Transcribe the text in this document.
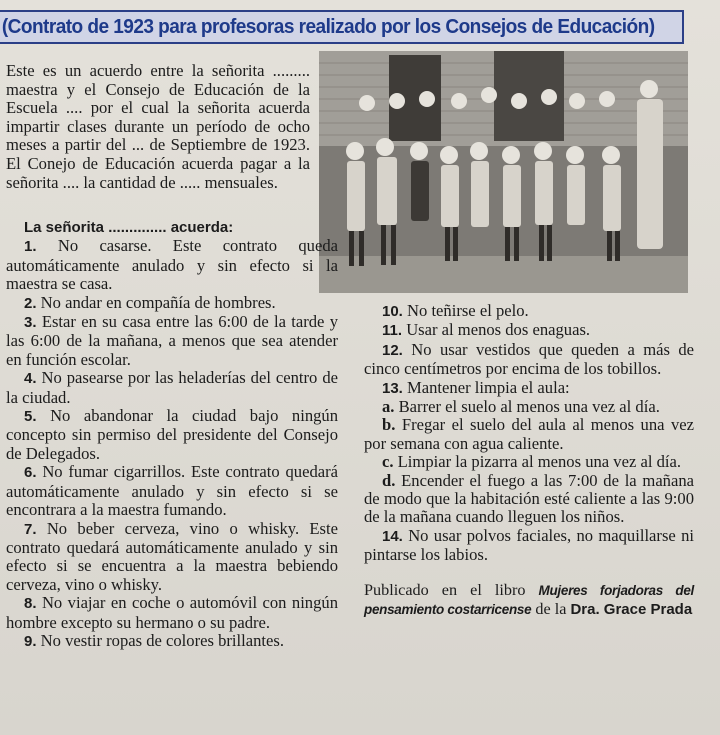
(Contrato de 1923 para profesoras realizado por los Consejos de Educación)
Este es un acuerdo entre la señorita ......... maestra y el Consejo de Educación de la Escuela .... por el cual la señorita acuerda impartir clases durante un período de ocho meses a partir del ... de Septiembre de 1923. El Conejo de Educación acuerda pagar a la señorita .... la cantidad de ..... mensuales.

La señorita .............. acuerda:

1. No casarse. Este contrato queda automáticamente anulado y sin efecto si la maestra se casa.

2. No andar en compañía de hombres.

3. Estar en su casa entre las 6:00 de la tarde y las 6:00 de la mañana, a menos que sea atender en función escolar.

4. No pasearse por las heladerías del centro de la ciudad.

5. No abandonar la ciudad bajo ningún concepto sin permiso del presidente del Consejo de Delegados.

6. No fumar cigarrillos. Este contrato quedará automáticamente anulado y sin efecto si se encontrara a la maestra fumando.

7. No beber cerveza, vino o whisky. Este contrato quedará automáticamente anulado y sin efecto si se encuentra a la maestra bebiendo cerveza, vino o whisky.

8. No viajar en coche o automóvil con ningún hombre excepto su hermano o su padre.

9. No vestir ropas de colores brillantes.

10. No teñirse el pelo.

11. Usar al menos dos enaguas.

12. No usar vestidos que queden a más de cinco centímetros por encima de los tobillos.

13. Mantener limpia el aula:

a. Barrer el suelo al menos una vez al día.

b. Fregar el suelo del aula al menos una vez por semana con agua caliente.

c. Limpiar la pizarra al menos una vez al día.

d. Encender el fuego a las 7:00 de la mañana de modo que la habitación esté caliente a las 9:00 de la mañana cuando lleguen los niños.

14. No usar polvos faciales, no maquillarse ni pintarse los labios.

Publicado en el libro Mujeres forjadoras del pensamiento costarricense de la Dra. Grace Prada
